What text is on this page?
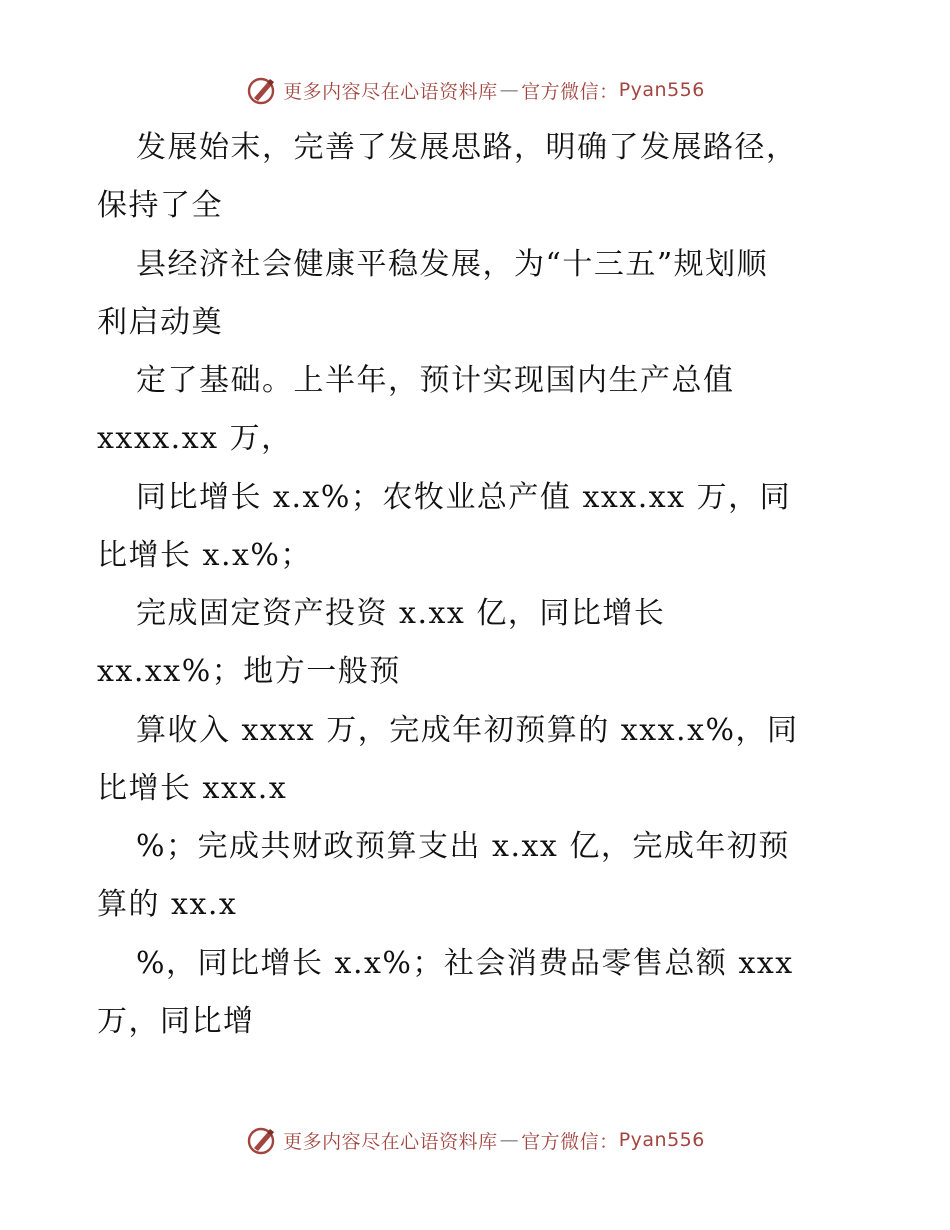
更多内容尽在心语资料库 — 官方微信： Pyan556
发展始末，完善了发展思路，明确了发展路径，
保持了全
县经济社会健康平稳发展，为“十三五”规划顺
利启动奠
定了基础。上半年，预计实现国内生产总值
xxxx.xx 万，
同比增长 x.x%；农牧业总产值 xxx.xx 万，同
比增长 x.x%；
完成固定资产投资 x.xx 亿，同比增长
xx.xx%；地方一般预
算收入 xxxx 万，完成年初预算的 xxx.x%，同
比增长 xxx.x
%；完成共财政预算支出 x.xx 亿，完成年初预
算的 xx.x
%，同比增长 x.x%；社会消费品零售总额 xxx
万，同比增
更多内容尽在心语资料库 — 官方微信： Pyan556
